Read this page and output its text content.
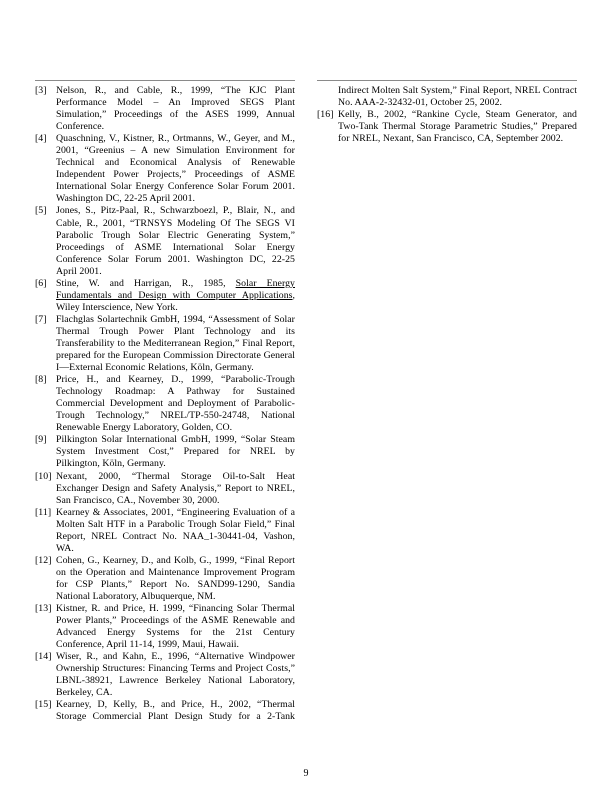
[3] Nelson, R., and Cable, R., 1999, “The KJC Plant Performance Model – An Improved SEGS Plant Simulation,” Proceedings of the ASES 1999, Annual Conference.
[4] Quaschning, V., Kistner, R., Ortmanns, W., Geyer, and M., 2001, “Greenius – A new Simulation Environment for Technical and Economical Analysis of Renewable Independent Power Projects,” Proceedings of ASME International Solar Energy Conference Solar Forum 2001. Washington DC, 22-25 April 2001.
[5] Jones, S., Pitz-Paal, R., Schwarzboezl, P., Blair, N., and Cable, R., 2001, “TRNSYS Modeling Of The SEGS VI Parabolic Trough Solar Electric Generating System,” Proceedings of ASME International Solar Energy Conference Solar Forum 2001. Washington DC, 22-25 April 2001.
[6] Stine, W. and Harrigan, R., 1985, Solar Energy Fundamentals and Design with Computer Applications, Wiley Interscience, New York.
[7] Flachglas Solartechnik GmbH, 1994, “Assessment of Solar Thermal Trough Power Plant Technology and its Transferability to the Mediterranean Region,” Final Report, prepared for the European Commission Directorate General I—External Economic Relations, Köln, Germany.
[8] Price, H., and Kearney, D., 1999, “Parabolic-Trough Technology Roadmap: A Pathway for Sustained Commercial Development and Deployment of Parabolic-Trough Technology,” NREL/TP-550-24748, National Renewable Energy Laboratory, Golden, CO.
[9] Pilkington Solar International GmbH, 1999, “Solar Steam System Investment Cost,” Prepared for NREL by Pilkington, Köln, Germany.
[10] Nexant, 2000, “Thermal Storage Oil-to-Salt Heat Exchanger Design and Safety Analysis,” Report to NREL, San Francisco, CA., November 30, 2000.
[11] Kearney & Associates, 2001, “Engineering Evaluation of a Molten Salt HTF in a Parabolic Trough Solar Field,” Final Report, NREL Contract No. NAA_1-30441-04, Vashon, WA.
[12] Cohen, G., Kearney, D., and Kolb, G., 1999, “Final Report on the Operation and Maintenance Improvement Program for CSP Plants,” Report No. SAND99-1290, Sandia National Laboratory, Albuquerque, NM.
[13] Kistner, R. and Price, H. 1999, “Financing Solar Thermal Power Plants,” Proceedings of the ASME Renewable and Advanced Energy Systems for the 21st Century Conference, April 11-14, 1999, Maui, Hawaii.
[14] Wiser, R., and Kahn, E., 1996, “Alternative Windpower Ownership Structures: Financing Terms and Project Costs,” LBNL-38921, Lawrence Berkeley National Laboratory, Berkeley, CA.
[15] Kearney, D, Kelly, B., and Price, H., 2002, “Thermal Storage Commercial Plant Design Study for a 2-Tank
Indirect Molten Salt System,” Final Report, NREL Contract No. AAA-2-32432-01, October 25, 2002.
[16] Kelly, B., 2002, “Rankine Cycle, Steam Generator, and Two-Tank Thermal Storage Parametric Studies,” Prepared for NREL, Nexant, San Francisco, CA, September 2002.
9
